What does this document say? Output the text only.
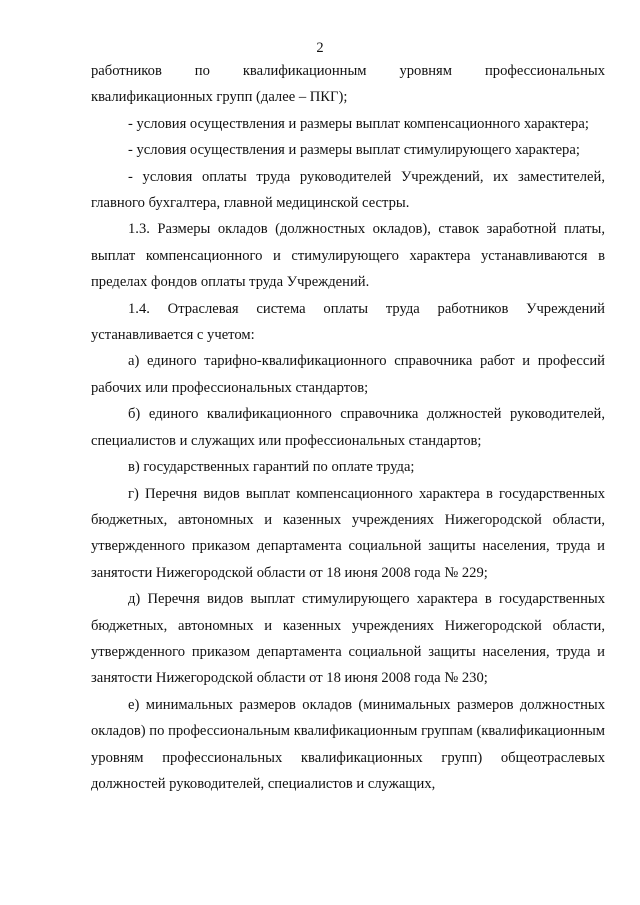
2

работников по квалификационным уровням профессиональных квалификационных групп (далее – ПКГ);

- условия осуществления и размеры выплат компенсационного характера;

- условия осуществления и размеры выплат стимулирующего характера;

- условия оплаты труда руководителей Учреждений, их заместителей, главного бухгалтера, главной медицинской сестры.

1.3. Размеры окладов (должностных окладов), ставок заработной платы, выплат компенсационного и стимулирующего характера устанавливаются в пределах фондов оплаты труда Учреждений.

1.4. Отраслевая система оплаты труда работников Учреждений устанавливается с учетом:

а) единого тарифно-квалификационного справочника работ и профессий рабочих или профессиональных стандартов;

б) единого квалификационного справочника должностей руководителей, специалистов и служащих или профессиональных стандартов;

в) государственных гарантий по оплате труда;

г) Перечня видов выплат компенсационного характера в государственных бюджетных, автономных и казенных учреждениях Нижегородской области, утвержденного приказом департамента социальной защиты населения, труда и занятости Нижегородской области от 18 июня 2008 года № 229;

д) Перечня видов выплат стимулирующего характера в государственных бюджетных, автономных и казенных учреждениях Нижегородской области, утвержденного приказом департамента социальной защиты населения, труда и занятости Нижегородской области от 18 июня 2008 года № 230;

е) минимальных размеров окладов (минимальных размеров должностных окладов) по профессиональным квалификационным группам (квалификационным уровням профессиональных квалификационных групп) общеотраслевых должностей руководителей, специалистов и служащих,
